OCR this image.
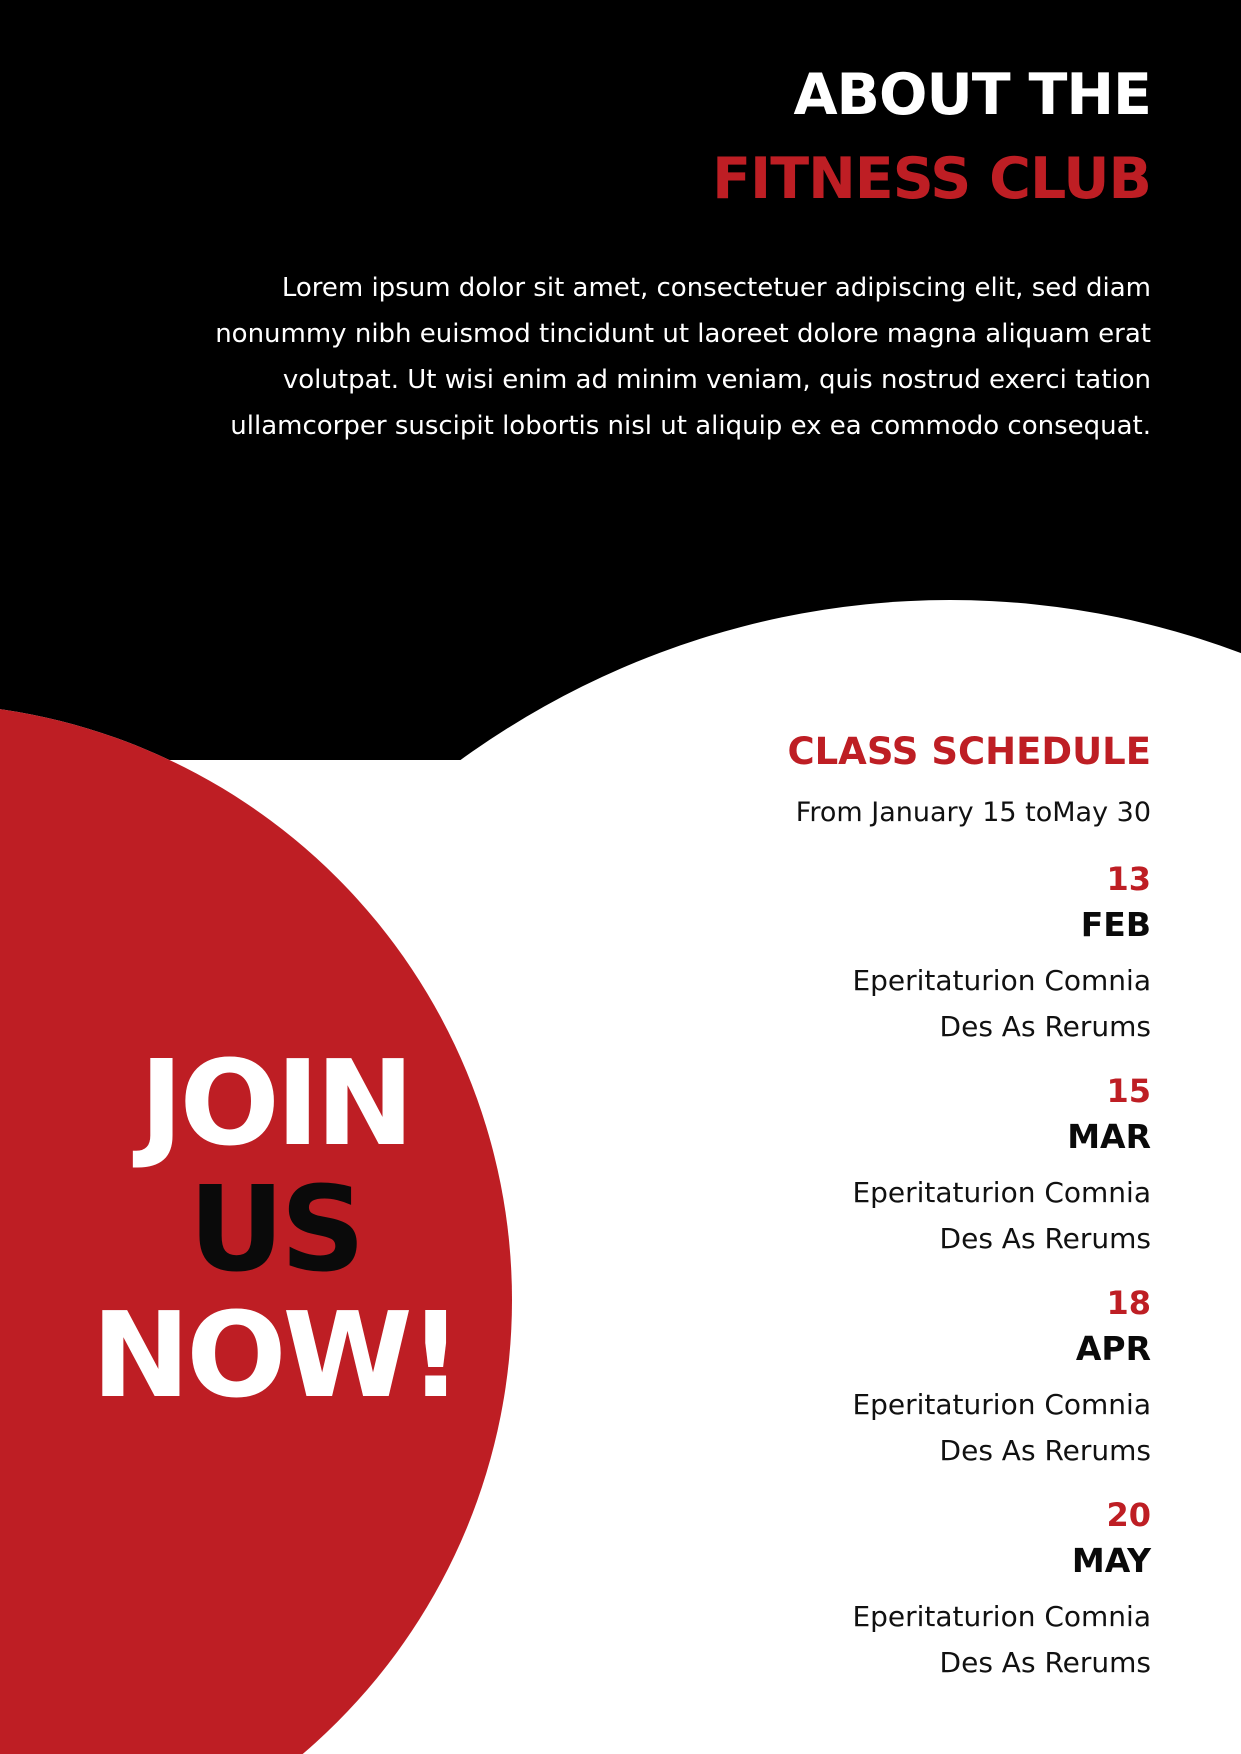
ABOUT THE
FITNESS CLUB

Lorem ipsum dolor sit amet, consectetuer adipiscing elit, sed diam
nonummy nibh euismod tincidunt ut laoreet dolore magna aliquam erat
volutpat. Ut wisi enim ad minim veniam, quis nostrud exerci tation
ullamcorper suscipit lobortis nisl ut aliquip ex ea commodo consequat.

CLASS SCHEDULE
From January 15 toMay 30
13
FEB
Eperitaturion Comnia
Des As Rerums
15
MAR
Eperitaturion Comnia
Des As Rerums
18
APR
Eperitaturion Comnia
Des As Rerums
20
MAY
Eperitaturion Comnia
Des As Rerums
JOIN
US
NOW!
